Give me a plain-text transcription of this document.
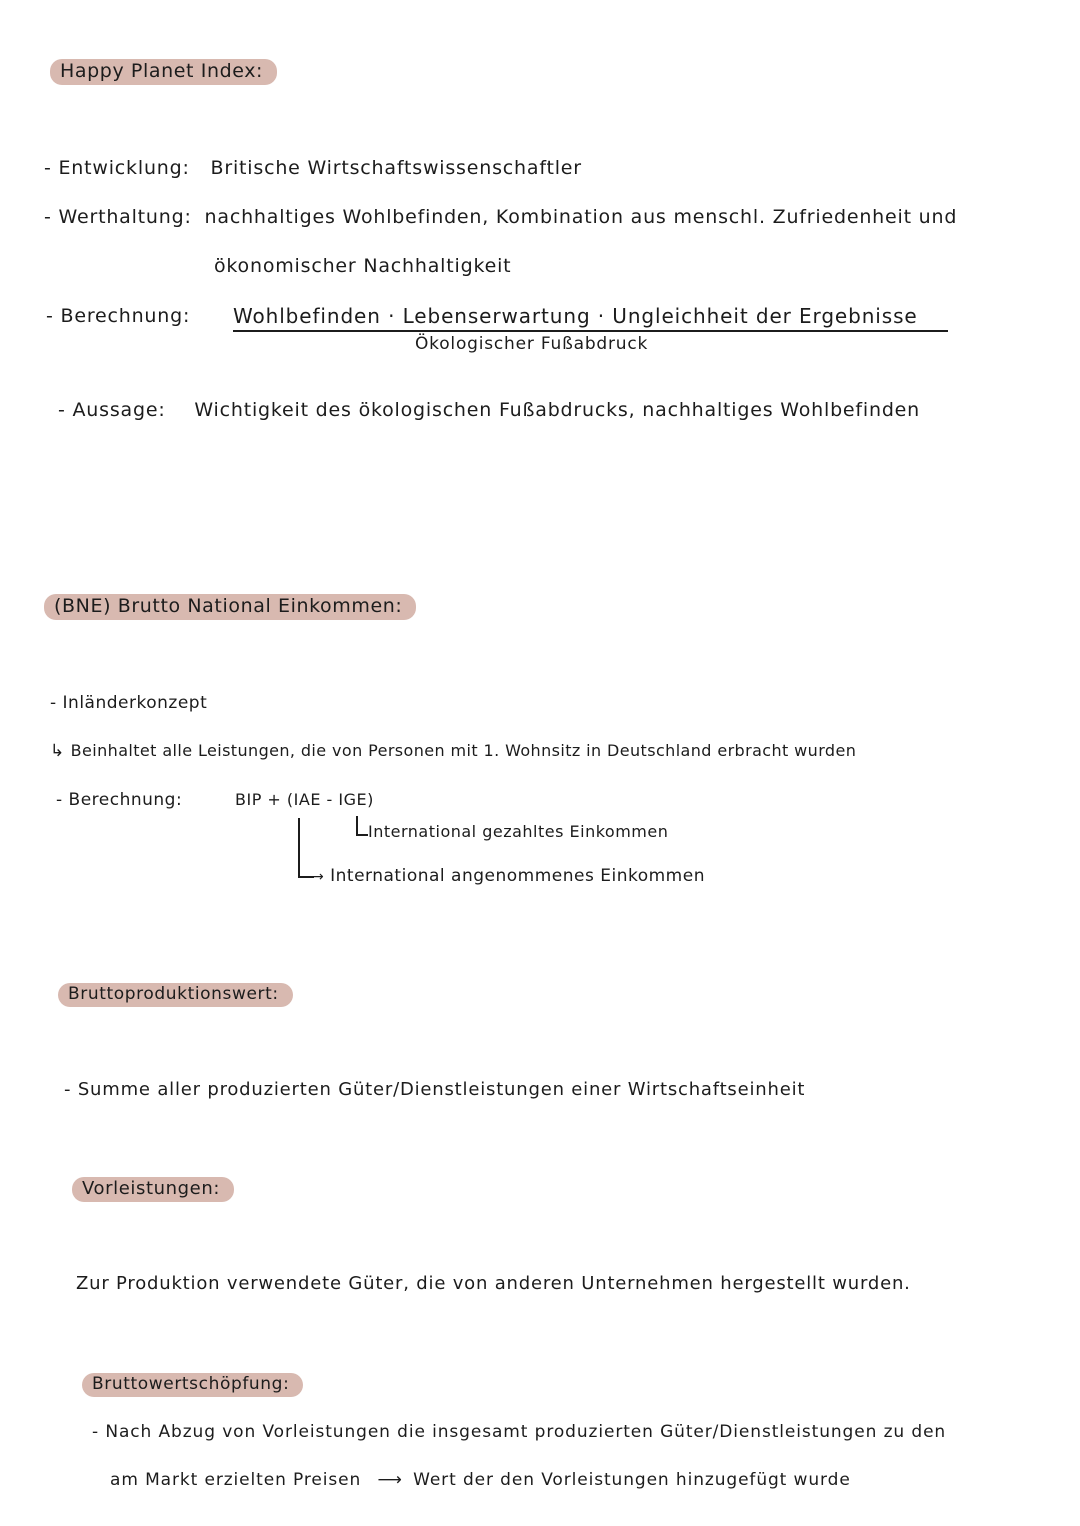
Happy Planet Index:
- Entwicklung: Britische Wirtschaftswissenschaftler
- Werthaltung: nachhaltiges Wohlbefinden, Kombination aus menschl. Zufriedenheit und
ökonomischer Nachhaltigkeit
- Berechnung: Wohlbefinden · Lebenserwartung · Ungleichheit der Ergebnisse
Ökologischer Fußabdruck
- Aussage: Wichtigkeit des ökologischen Fußabdrucks, nachhaltiges Wohlbefinden
(BNE) Brutto National Einkommen:
- Inländerkonzept
↳ Beinhaltet alle Leistungen, die von Personen mit 1. Wohnsitz in Deutschland erbracht wurden
- Berechnung:	BIP + (IAE - IGE)
International gezahltes Einkommen
→ International angenommenes Einkommen
Bruttoproduktionswert:
- Summe aller produzierten Güter/Dienstleistungen einer Wirtschaftseinheit
Vorleistungen:
Zur Produktion verwendete Güter, die von anderen Unternehmen hergestellt wurden.
Bruttowertschöpfung:
- Nach Abzug von Vorleistungen die insgesamt produzierten Güter/Dienstleistungen zu den
am Markt erzielten Preisen ⟶ Wert der den Vorleistungen hinzugefügt wurde
